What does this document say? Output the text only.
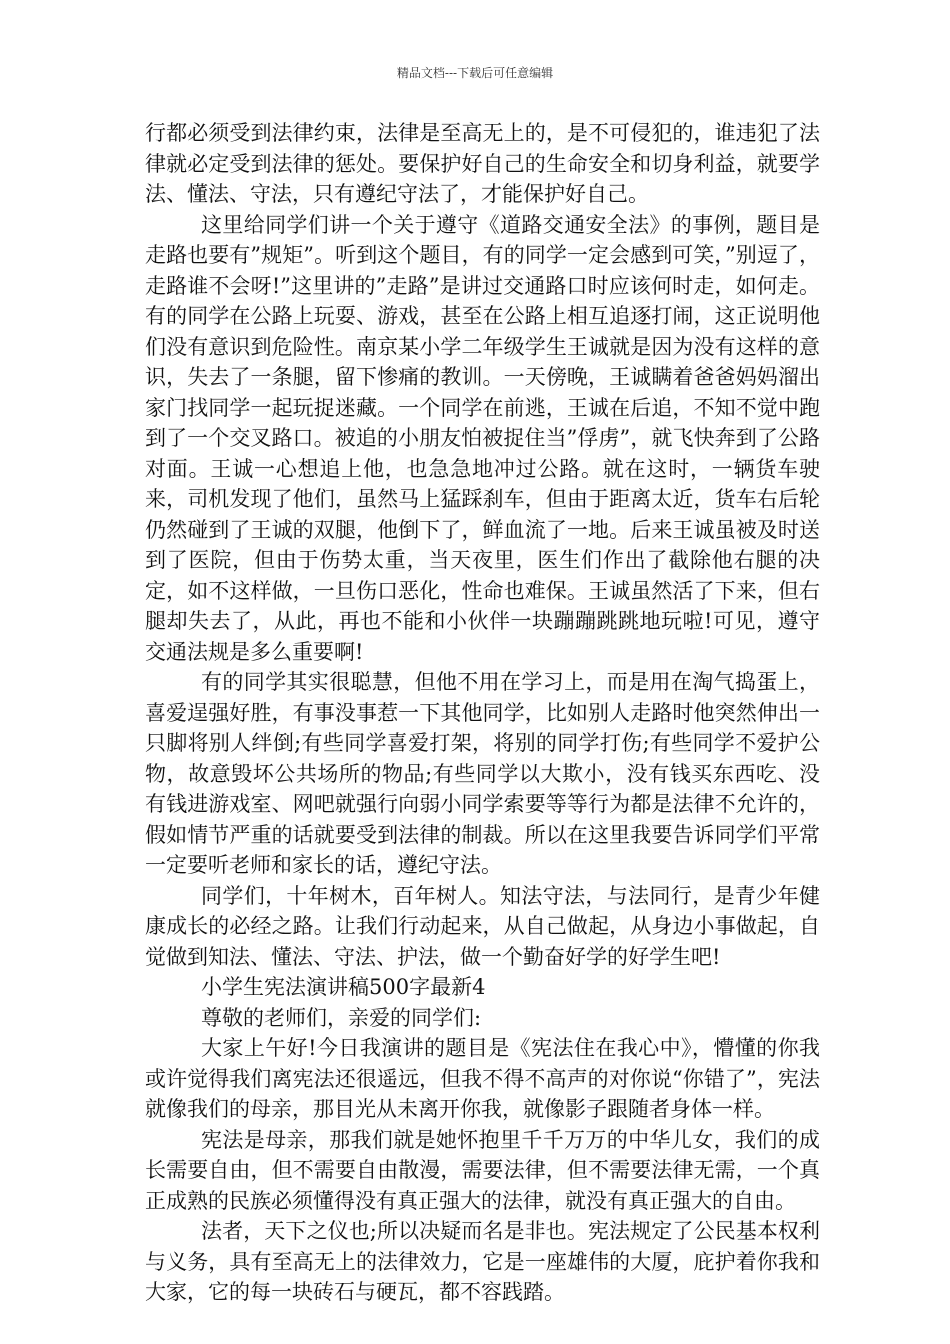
精品文档---下载后可任意编辑

行都必须受到法律约束，法律是至高无上的，是不可侵犯的，谁违犯了法律就必定受到法律的惩处。要保护好自己的生命安全和切身利益，就要学法、懂法、守法，只有遵纪守法了，才能保护好自己。

这里给同学们讲一个关于遵守《道路交通安全法》的事例，题目是走路也要有”规矩”。听到这个题目，有的同学一定会感到可笑，”别逗了，走路谁不会呀!”这里讲的”走路”是讲过交通路口时应该何时走，如何走。有的同学在公路上玩耍、游戏，甚至在公路上相互追逐打闹，这正说明他们没有意识到危险性。南京某小学二年级学生王诚就是因为没有这样的意识，失去了一条腿，留下惨痛的教训。一天傍晚，王诚瞒着爸爸妈妈溜出家门找同学一起玩捉迷藏。一个同学在前逃，王诚在后追，不知不觉中跑到了一个交叉路口。被追的小朋友怕被捉住当”俘虏”，就飞快奔到了公路对面。王诚一心想追上他，也急急地冲过公路。就在这时，一辆货车驶来，司机发现了他们，虽然马上猛踩刹车，但由于距离太近，货车右后轮仍然碰到了王诚的双腿，他倒下了，鲜血流了一地。后来王诚虽被及时送到了医院，但由于伤势太重，当天夜里，医生们作出了截除他右腿的决定，如不这样做，一旦伤口恶化，性命也难保。王诚虽然活了下来，但右腿却失去了，从此，再也不能和小伙伴一块蹦蹦跳跳地玩啦!可见，遵守交通法规是多么重要啊!

有的同学其实很聪慧，但他不用在学习上，而是用在淘气捣蛋上，喜爱逞强好胜，有事没事惹一下其他同学，比如别人走路时他突然伸出一只脚将别人绊倒;有些同学喜爱打架，将别的同学打伤;有些同学不爱护公物，故意毁坏公共场所的物品;有些同学以大欺小，没有钱买东西吃、没有钱进游戏室、网吧就强行向弱小同学索要等等行为都是法律不允许的，假如情节严重的话就要受到法律的制裁。所以在这里我要告诉同学们平常一定要听老师和家长的话，遵纪守法。

同学们，十年树木，百年树人。知法守法，与法同行，是青少年健康成长的必经之路。让我们行动起来，从自己做起，从身边小事做起，自觉做到知法、懂法、守法、护法，做一个勤奋好学的好学生吧!

小学生宪法演讲稿500字最新4

尊敬的老师们，亲爱的同学们:

大家上午好!今日我演讲的题目是《宪法住在我心中》，懵懂的你我或许觉得我们离宪法还很遥远，但我不得不高声的对你说“你错了”，宪法就像我们的母亲，那目光从未离开你我，就像影子跟随者身体一样。

宪法是母亲，那我们就是她怀抱里千千万万的中华儿女，我们的成长需要自由，但不需要自由散漫，需要法律，但不需要法律无需，一个真正成熟的民族必须懂得没有真正强大的法律，就没有真正强大的自由。

法者，天下之仪也;所以决疑而名是非也。宪法规定了公民基本权利与义务，具有至高无上的法律效力，它是一座雄伟的大厦，庇护着你我和大家，它的每一块砖石与硬瓦，都不容践踏。
